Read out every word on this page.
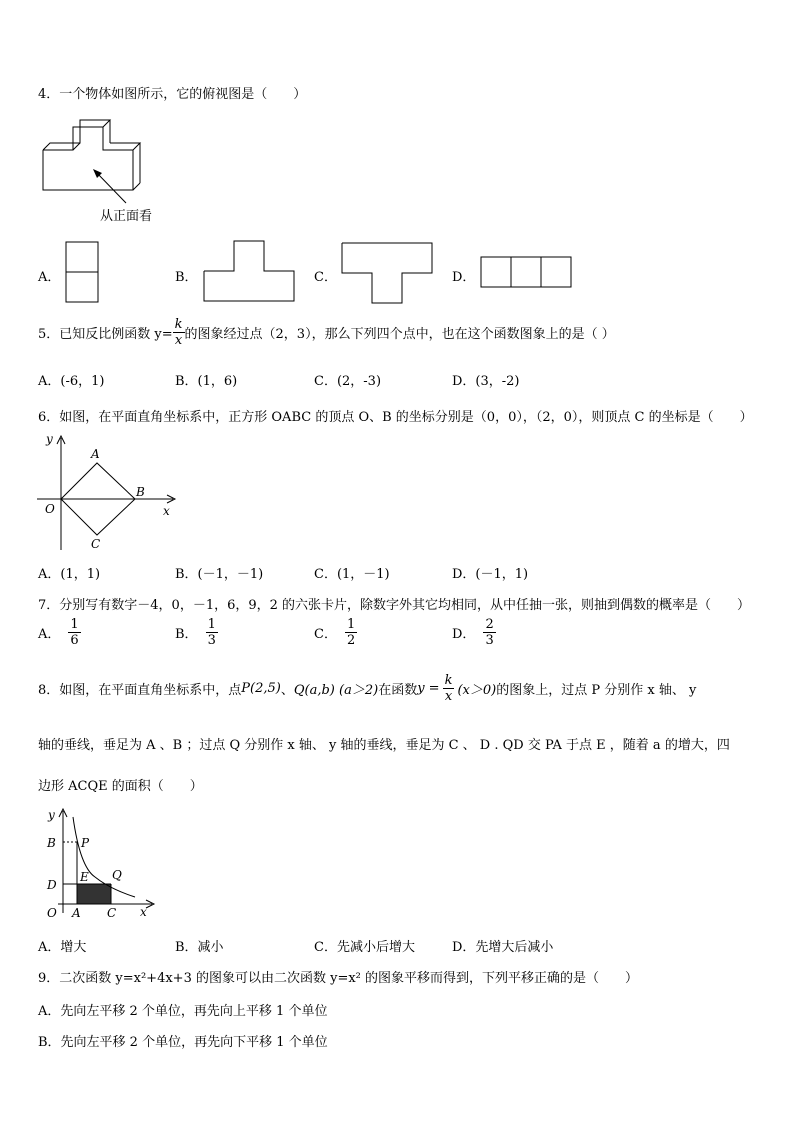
4．一个物体如图所示，它的俯视图是（　　）
从正面看
A．	B．	C．	D．
5．已知反比例函数 $y= \frac{k}{x}$ 的图象经过点（2，3），那么下列四个点中，也在这个函数图象上的是（ ）
A．(-6，1)	B．(1，6)	C．(2，-3)	D．(3，-2)
6．如图，在平面直角坐标系中，正方形 OABC 的顶点 O、B 的坐标分别是（0，0），（2，0），则顶点 C 的坐标是（　　）
y
x
O
A
B
C
A．(1，1)	B．(－1，－1)	C．(1，－1)	D．(－1，1)
7．分别写有数字－4，0，－1，6，9，2 的六张卡片，除数字外其它均相同，从中任抽一张，则抽到偶数的概率是（　　）
A． $\frac{1}{6}$	B． $\frac{1}{3}$	C． $\frac{1}{2}$	D． $\frac{2}{3}$
8．如图，在平面直角坐标系中，点 P(2,5) 、 Q(a,b) (a＞2) 在函数 $y = \frac{k}{x} (x>0)$ 的图象上，过点 P 分别作 x 轴、 y
轴的垂线，垂足为 A 、B ；过点 Q 分别作 x 轴、 y 轴的垂线，垂足为 C 、 D . QD 交 PA 于点 E ，随着 a 的增大，四
边形 ACQE 的面积（　　）
y
B P
D
E Q
O A C x
A．增大	B．减小	C．先减小后增大	D．先增大后减小
9．二次函数 y=x²+4x+3 的图象可以由二次函数 y=x² 的图象平移而得到，下列平移正确的是（　　）
A．先向左平移 2 个单位，再先向上平移 1 个单位
B．先向左平移 2 个单位，再先向下平移 1 个单位
